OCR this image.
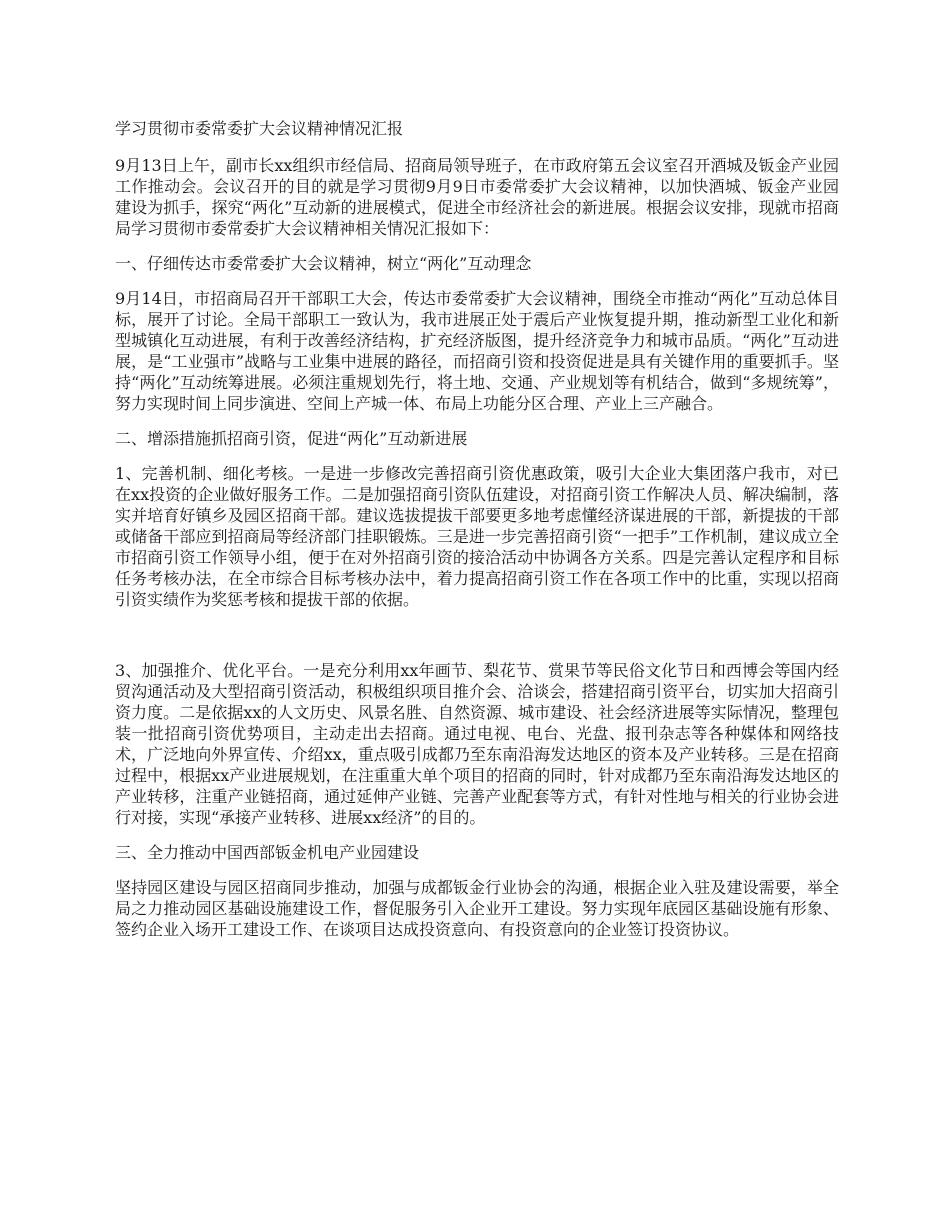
学习贯彻市委常委扩大会议精神情况汇报

9月13日上午，副市长xx组织市经信局、招商局领导班子，在市政府第五会议室召开酒城及钣金产业园工作推动会。会议召开的目的就是学习贯彻9月9日市委常委扩大会议精神，以加快酒城、钣金产业园建设为抓手，探究“两化”互动新的进展模式，促进全市经济社会的新进展。根据会议安排，现就市招商局学习贯彻市委常委扩大会议精神相关情况汇报如下：

一、仔细传达市委常委扩大会议精神，树立“两化”互动理念

9月14日，市招商局召开干部职工大会，传达市委常委扩大会议精神，围绕全市推动“两化”互动总体目标，展开了讨论。全局干部职工一致认为，我市进展正处于震后产业恢复提升期，推动新型工业化和新型城镇化互动进展，有利于改善经济结构，扩充经济版图，提升经济竞争力和城市品质。“两化”互动进展，是“工业强市”战略与工业集中进展的路径，而招商引资和投资促进是具有关键作用的重要抓手。坚持“两化”互动统筹进展。必须注重规划先行，将土地、交通、产业规划等有机结合，做到“多规统筹”，努力实现时间上同步演进、空间上产城一体、布局上功能分区合理、产业上三产融合。

二、增添措施抓招商引资，促进“两化”互动新进展

1、完善机制、细化考核。一是进一步修改完善招商引资优惠政策，吸引大企业大集团落户我市，对已在xx投资的企业做好服务工作。二是加强招商引资队伍建设，对招商引资工作解决人员、解决编制，落实并培育好镇乡及园区招商干部。建议选拔提拔干部要更多地考虑懂经济谋进展的干部，新提拔的干部或储备干部应到招商局等经济部门挂职锻炼。三是进一步完善招商引资“一把手”工作机制，建议成立全市招商引资工作领导小组，便于在对外招商引资的接洽活动中协调各方关系。四是完善认定程序和目标任务考核办法，在全市综合目标考核办法中，着力提高招商引资工作在各项工作中的比重，实现以招商引资实绩作为奖惩考核和提拔干部的依据。

3、加强推介、优化平台。一是充分利用xx年画节、梨花节、赏果节等民俗文化节日和西博会等国内经贸沟通活动及大型招商引资活动，积极组织项目推介会、洽谈会，搭建招商引资平台，切实加大招商引资力度。二是依据xx的人文历史、风景名胜、自然资源、城市建设、社会经济进展等实际情况，整理包装一批招商引资优势项目，主动走出去招商。通过电视、电台、光盘、报刊杂志等各种媒体和网络技术，广泛地向外界宣传、介绍xx，重点吸引成都乃至东南沿海发达地区的资本及产业转移。三是在招商过程中，根据xx产业进展规划，在注重重大单个项目的招商的同时，针对成都乃至东南沿海发达地区的产业转移，注重产业链招商，通过延伸产业链、完善产业配套等方式，有针对性地与相关的行业协会进行对接，实现“承接产业转移、进展xx经济”的目的。

三、全力推动中国西部钣金机电产业园建设

坚持园区建设与园区招商同步推动，加强与成都钣金行业协会的沟通，根据企业入驻及建设需要，举全局之力推动园区基础设施建设工作，督促服务引入企业开工建设。努力实现年底园区基础设施有形象、签约企业入场开工建设工作、在谈项目达成投资意向、有投资意向的企业签订投资协议。
